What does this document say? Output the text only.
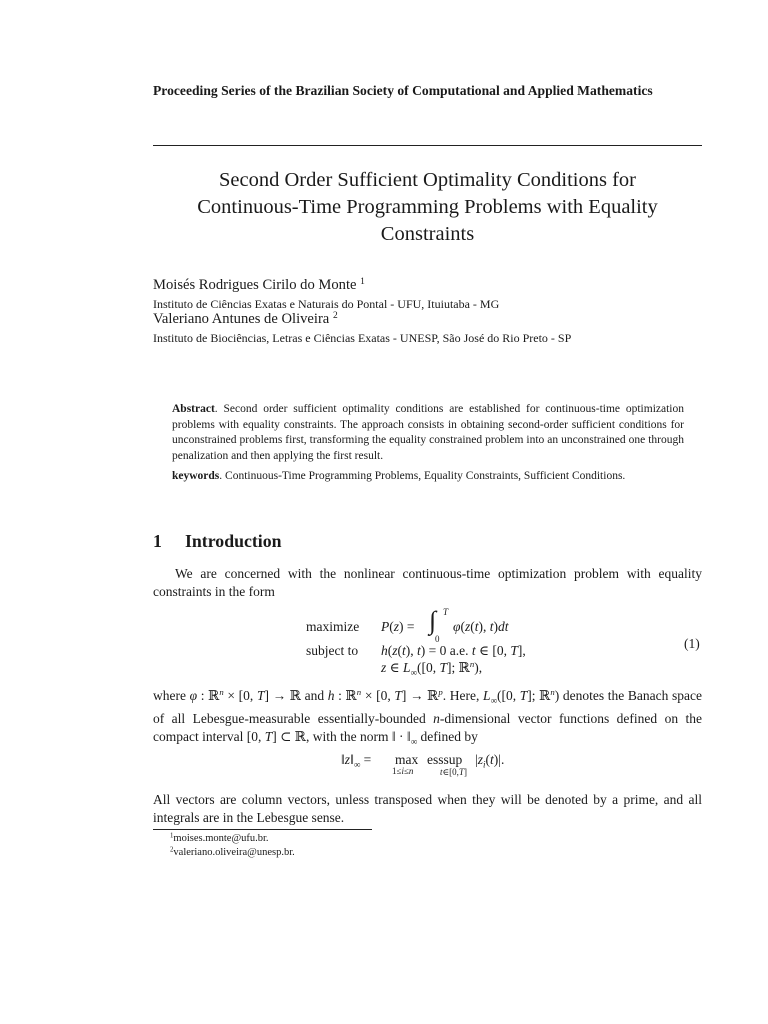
Proceeding Series of the Brazilian Society of Computational and Applied Mathematics
Second Order Sufficient Optimality Conditions for
Continuous-Time Programming Problems with Equality
Constraints
Moisés Rodrigues Cirilo do Monte $^1$
Instituto de Ciências Exatas e Naturais do Pontal - UFU, Ituiutaba - MG
Valeriano Antunes de Oliveira $^2$
Instituto de Biociências, Letras e Ciências Exatas - UNESP, São José do Rio Preto - SP
Abstract. Second order sufficient optimality conditions are established for continuous-time optimization problems with equality constraints. The approach consists in obtaining second-order sufficient conditions for unconstrained problems first, transforming the equality constrained problem into an unconstrained one through penalization and then applying the first result.
keywords. Continuous-Time Programming Problems, Equality Constraints, Sufficient Conditions.
1 Introduction
We are concerned with the nonlinear continuous-time optimization problem with equality constraints in the form
maximize P(z) = ∫ T
0
φ(z(t), t)dt
subject to h(z(t), t) = 0 a.e. t ∈ [0, T],
z ∈ $L_\infty([0$, T]; ℝ$^n$),
(1)
where φ : ℝ$^n$ × [0, T] → ℝ and h : ℝ$^n$ × [0, T] → ℝ$^p$. Here, $L_\infty([0$, T]; ℝ$^n$) denotes the Banach space of all Lebesgue-measurable essentially-bounded n-dimensional vector functions defined on the compact interval [0, T] ⊂ ℝ, with the norm ‖ · $‖_\infty$ defined by
$‖z‖_\infty = \max$
1≤i≤n
esssup
t∈[0,T]
$|z_i(t)|$.
All vectors are column vectors, unless transposed when they will be denoted by a prime, and all integrals are in the Lebesgue sense.
$^1$moises.monte@ufu.br.
$^2$valeriano.oliveira@unesp.br.
